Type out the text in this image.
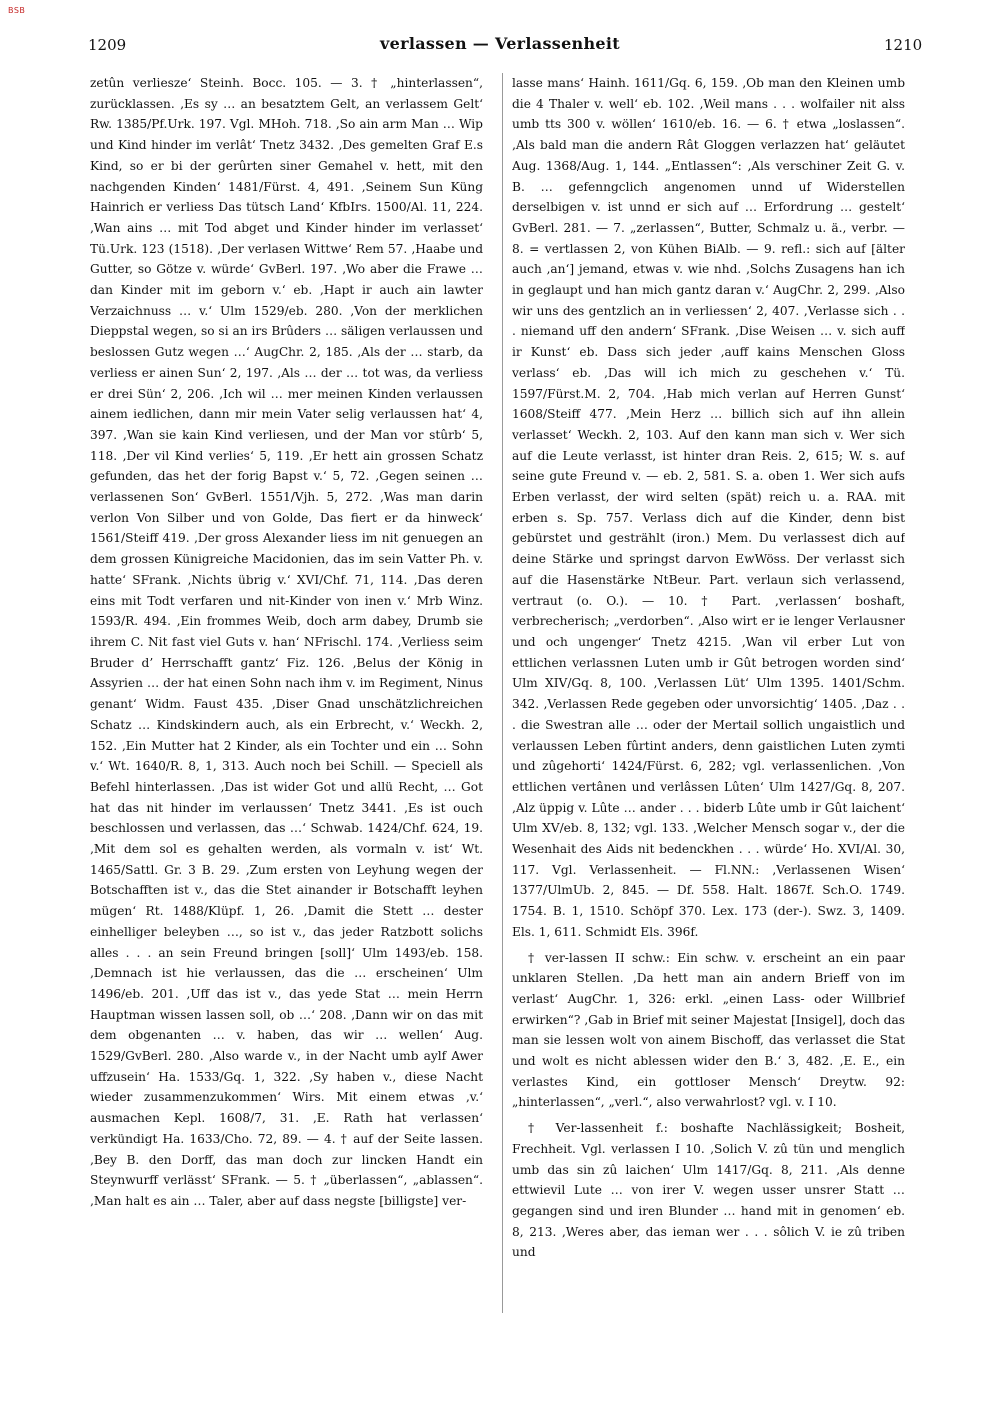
BSB
1209	verlassen — Verlassenheit	1210

zetûn verliesze‘ Steinh. Bocc. 105. — 3. † „hinterlassen“, zurücklassen. ‚Es sy … an besatztem Gelt, an verlassem Gelt‘ Rw. 1385/Pf.Urk. 197. Vgl. MHoh. 718. ‚So ain arm Man … Wip und Kind hinder im verlât‘ Tnetz 3432. ‚Des gemelten Graf E.s Kind, so er bi der gerûrten siner Gemahel v. hett, mit den nachgenden Kinden‘ 1481/Fürst. 4, 491. ‚Seinem Sun Küng Hainrich er verliess Das tütsch Land‘ KfbIrs. 1500/Al. 11, 224. ‚Wan ains … mit Tod abget und Kinder hinder im verlasset‘ Tü.Urk. 123 (1518). ‚Der verlasen Wittwe‘ Rem 57. ‚Haabe und Gutter, so Götze v. würde‘ GvBerl. 197. ‚Wo aber die Frawe … dan Kinder mit im geborn v.‘ eb. ‚Hapt ir auch ain lawter Verzaichnuss … v.‘ Ulm 1529/eb. 280. ‚Von der merklichen Dieppstal wegen, so si an irs Brûders … säligen verlaussen und beslossen Gutz wegen …‘ AugChr. 2, 185. ‚Als der … starb, da verliess er ainen Sun‘ 2, 197. ‚Als … der … tot was, da verliess er drei Sün‘ 2, 206. ‚Ich wil … mer meinen Kinden verlaussen ainem iedlichen, dann mir mein Vater selig verlaussen hat‘ 4, 397. ‚Wan sie kain Kind verliesen, und der Man vor stûrb‘ 5, 118. ‚Der vil Kind verlies‘ 5, 119. ‚Er hett ain grossen Schatz gefunden, das het der forig Bapst v.‘ 5, 72. ‚Gegen seinen … verlassenen Son‘ GvBerl. 1551/Vjh. 5, 272. ‚Was man darin verlon Von Silber und von Golde, Das fiert er da hinweck‘ 1561/Steiff 419. ‚Der gross Alexander liess im nit genuegen an dem grossen Künigreiche Macidonien, das im sein Vatter Ph. v. hatte‘ SFrank. ‚Nichts übrig v.‘ XVI/Chf. 71, 114. ‚Das deren eins mit Todt verfaren und nit‑Kinder von inen v.‘ Mrb Winz. 1593/R. 494. ‚Ein frommes Weib, doch arm dabey, Drumb sie ihrem C. Nit fast viel Guts v. han‘ NFrischl. 174. ‚Verliess seim Bruder d’ Herrschafft gantz‘ Fiz. 126. ‚Belus der König in Assyrien … der hat einen Sohn nach ihm v. im Regiment, Ninus genant‘ Widm. Faust 435. ‚Diser Gnad unschätzlichreichen Schatz … Kindskindern auch, als ein Erbrecht, v.‘ Weckh. 2, 152. ‚Ein Mutter hat 2 Kinder, als ein Tochter und ein … Sohn v.‘ Wt. 1640/R. 8, 1, 313. Auch noch bei Schill. — Speciell als Befehl hinterlassen. ‚Das ist wider Got und allü Recht, … Got hat das nit hinder im verlaussen‘ Tnetz 3441. ‚Es ist ouch beschlossen und verlassen, das …‘ Schwab. 1424/Chf. 624, 19. ‚Mit dem sol es gehalten werden, als vormaln v. ist‘ Wt. 1465/Sattl. Gr. 3 B. 29. ‚Zum ersten von Leyhung wegen der Botschafften ist v., das die Stet ainander ir Botschafft leyhen mügen‘ Rt. 1488/Klüpf. 1, 26. ‚Damit die Stett … dester einhelliger beleyben …, so ist v., das jeder Ratzbott solichs alles . . . an sein Freund bringen [soll]‘ Ulm 1493/eb. 158. ‚Demnach ist hie verlaussen, das die … erscheinen‘ Ulm 1496/eb. 201. ‚Uff das ist v., das yede Stat … mein Herrn Hauptman wissen lassen soll, ob …‘ 208. ‚Dann wir on das mit dem obgenanten … v. haben, das wir … wellen‘ Aug. 1529/GvBerl. 280. ‚Also warde v., in der Nacht umb aylf Awer uffzusein‘ Ha. 1533/Gq. 1, 322. ‚Sy haben v., diese Nacht wieder zusammenzukommen‘ Wirs. Mit einem etwas ‚v.‘ ausmachen Kepl. 1608/7, 31. ‚E. Rath hat verlassen‘ verkündigt Ha. 1633/Cho. 72, 89. — 4. † auf der Seite lassen. ‚Bey B. den Dorff, das man doch zur lincken Handt ein Steynwurff verlässt‘ SFrank. — 5. † „überlassen“, „ablassen“. ‚Man halt es ain … Taler, aber auf dass negste [billigste] ver‑

lasse mans‘ Hainh. 1611/Gq. 6, 159. ‚Ob man den Kleinen umb die 4 Thaler v. well‘ eb. 102. ‚Weil mans . . . wolfailer nit alss umb tts 300 v. wöllen‘ 1610/eb. 16. — 6. † etwa „loslassen“. ‚Als bald man die andern Rât Gloggen verlazzen hat‘ geläutet Aug. 1368/Aug. 1, 144. „Entlassen“: ‚Als verschiner Zeit G. v. B. … gefenngclich angenomen unnd uf Widerstellen derselbigen v. ist unnd er sich auf … Erfordrung … gestelt‘ GvBerl. 281. — 7. „zerlassen“, Butter, Schmalz u. ä., verbr. — 8. = vertlassen 2, von Kühen BiAlb. — 9. refl.: sich auf [älter auch ‚an‘] jemand, etwas v. wie nhd. ‚Solchs Zusagens han ich in geglaupt und han mich gantz daran v.‘ AugChr. 2, 299. ‚Also wir uns des gentzlich an in verliessen‘ 2, 407. ‚Verlasse sich . . . niemand uff den andern‘ SFrank. ‚Dise Weisen … v. sich auff ir Kunst‘ eb. Dass sich jeder ‚auff kains Menschen Gloss verlass‘ eb. ‚Das will ich mich zu geschehen v.‘ Tü. 1597/Fürst.M. 2, 704. ‚Hab mich verlan auf Herren Gunst‘ 1608/Steiff 477. ‚Mein Herz … billich sich auf ihn allein verlasset‘ Weckh. 2, 103. Auf den kann man sich v. Wer sich auf die Leute verlasst, ist hinter dran Reis. 2, 615; W. s. auf seine gute Freund v. — eb. 2, 581. S. a. oben 1. Wer sich aufs Erben verlasst, der wird selten (spät) reich u. a. RAA. mit erben s. Sp. 757. Verlass dich auf die Kinder, denn bist gebürstet und gestrählt (iron.) Mem. Du verlassest dich auf deine Stärke und springst darvon EwWöss. Der verlasst sich auf die Hasenstärke NtBeur. Part. verlaun sich verlassend, vertraut (o. O.). — 10. † Part. ‚verlassen‘ boshaft, verbrecherisch; „verdorben“. ‚Also wirt er ie lenger Verlausner und och ungenger‘ Tnetz 4215. ‚Wan vil erber Lut von ettlichen verlassnen Luten umb ir Gût betrogen worden sind‘ Ulm XIV/Gq. 8, 100. ‚Verlassen Lüt‘ Ulm 1395. 1401/Schm. 342. ‚Verlassen Rede gegeben oder unvorsichtig‘ 1405. ‚Daz . . . die Swestran alle … oder der Mertail sollich ungaistlich und verlaussen Leben fûrtint anders, denn gaistlichen Luten zymti und zûgehorti‘ 1424/Fürst. 6, 282; vgl. verlassenlichen. ‚Von ettlichen vertânen und verlâssen Lûten‘ Ulm 1427/Gq. 8, 207. ‚Alz üppig v. Lûte … ander . . . biderb Lûte umb ir Gût laichent‘ Ulm XV/eb. 8, 132; vgl. 133. ‚Welcher Mensch sogar v., der die Wesenhait des Aids nit bedenckhen . . . würde‘ Ho. XVI/Al. 30, 117. Vgl. Verlassenheit. — Fl.NN.: ‚Verlassenen Wisen‘ 1377/UlmUb. 2, 845. — Df. 558. Halt. 1867f. Sch.O. 1749. 1754. B. 1, 1510. Schöpf 370. Lex. 173 (der-). Swz. 3, 1409. Els. 1, 611. Schmidt Els. 396f.

† ver-lassen II schw.: Ein schw. v. erscheint an ein paar unklaren Stellen. ‚Da hett man ain andern Brieff von im verlast‘ AugChr. 1, 326: erkl. „einen Lass- oder Willbrief erwirken“? ‚Gab in Brief mit seiner Majestat [Insigel], doch das man sie lessen wolt von ainem Bischoff, das verlasset die Stat und wolt es nicht ablessen wider den B.‘ 3, 482. ‚E. E., ein verlastes Kind, ein gottloser Mensch‘ Dreytw. 92: „hinterlassen“, „verl.“, also verwahrlost? vgl. v. I 10.

† Ver-lassenheit f.: boshafte Nachlässigkeit; Bosheit, Frechheit. Vgl. verlassen I 10. ‚Solich V. zû tün und menglich umb das sin zû laichen‘ Ulm 1417/Gq. 8, 211. ‚Als denne ettwievil Lute … von irer V. wegen usser unsrer Statt … gegangen sind und iren Blunder … hand mit in genomen‘ eb. 8, 213. ‚Weres aber, das ieman wer . . . sôlich V. ie zû triben und
